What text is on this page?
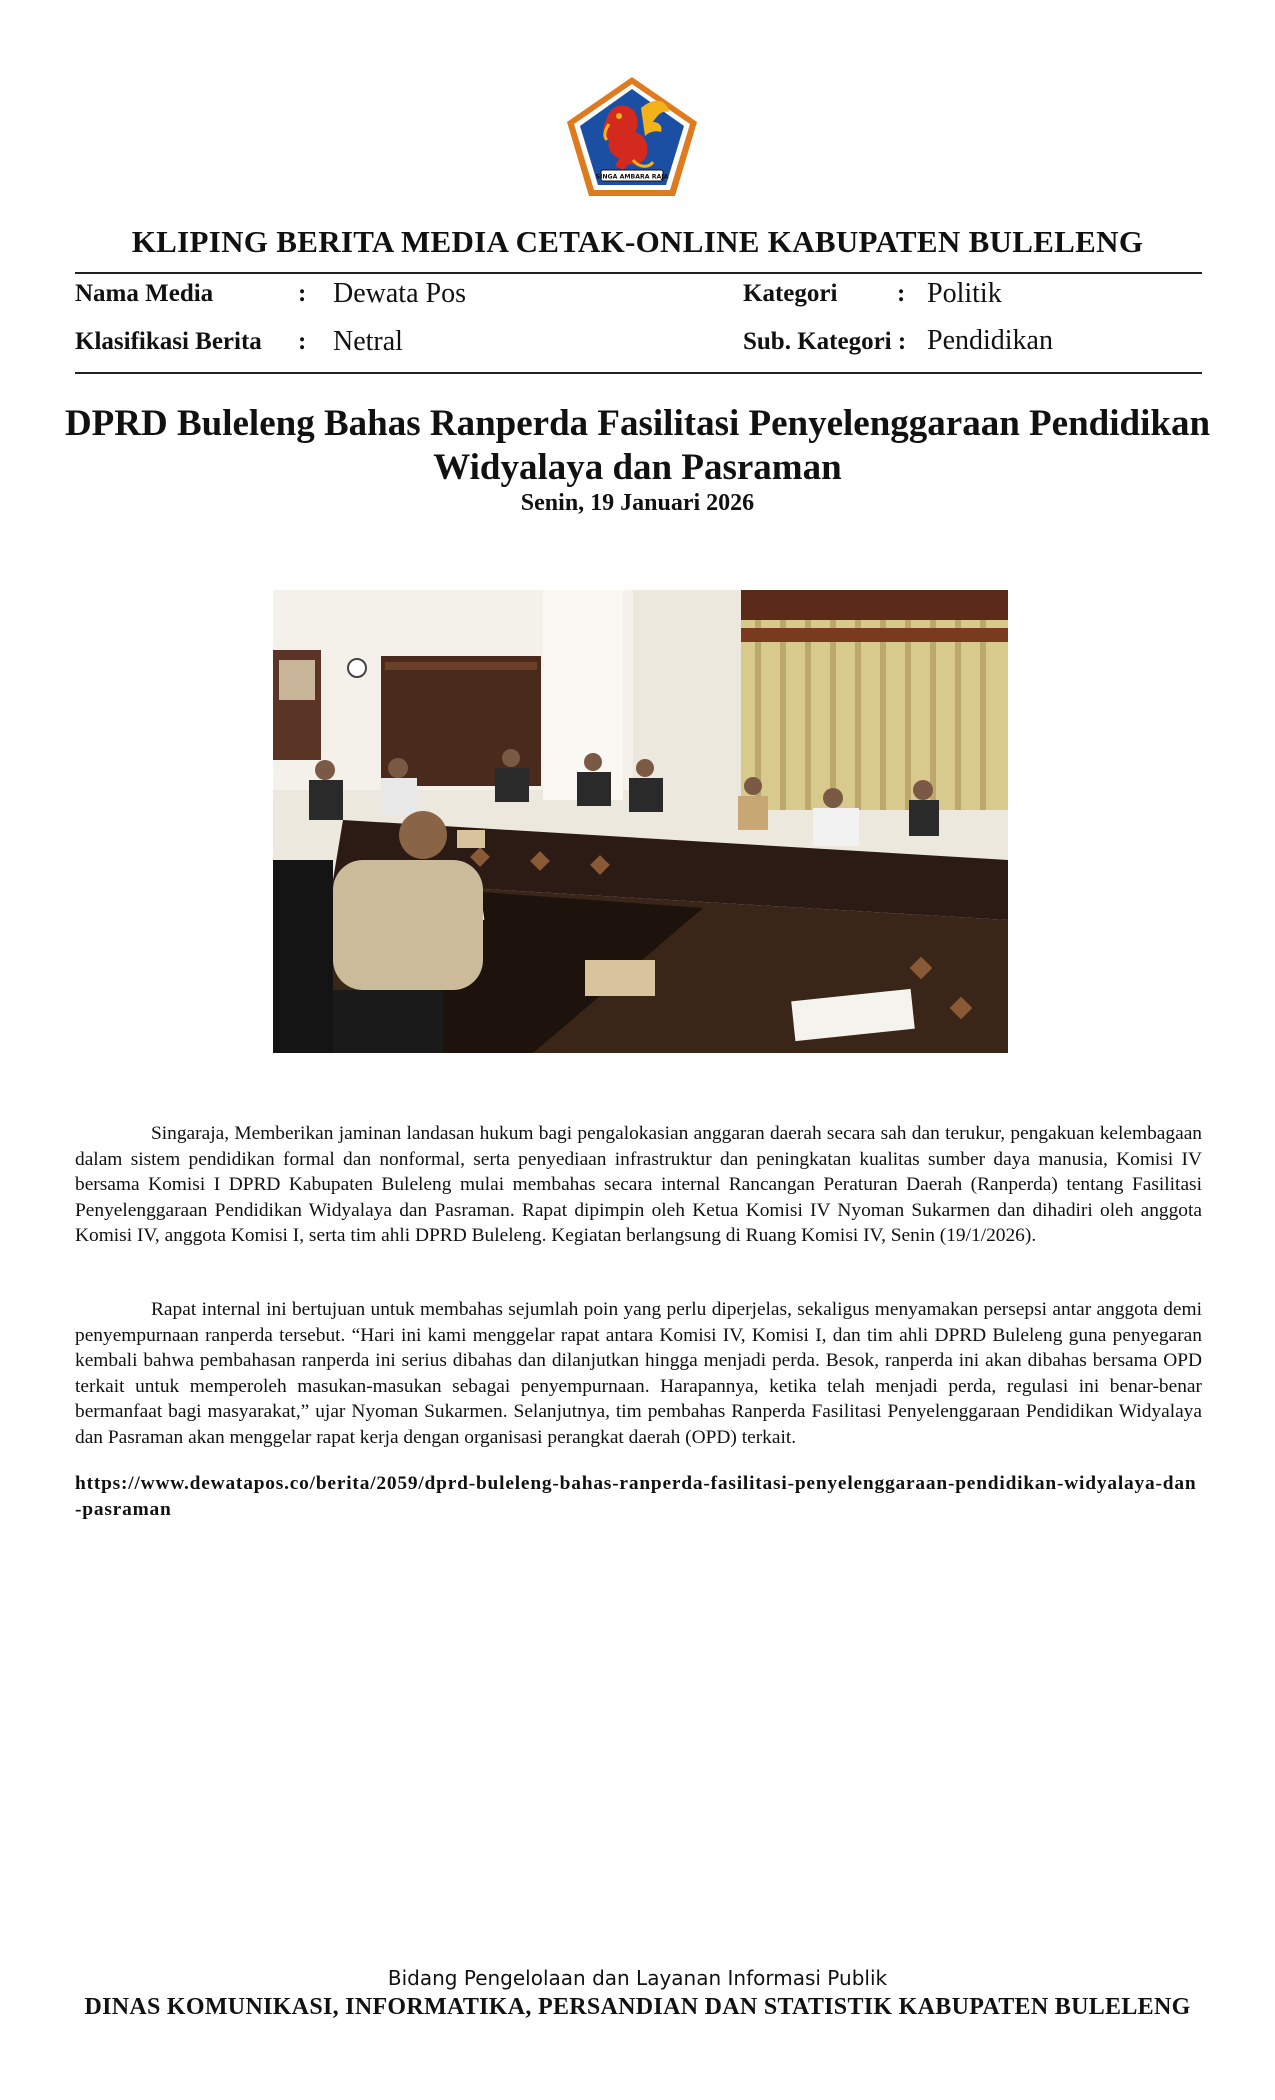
SINGA AMBARA RAJA
KLIPING BERITA MEDIA CETAK-ONLINE KABUPATEN BULELENG
Nama Media	: Dewata Pos
Klasifikasi Berita : Netral
Kategori : Politik
Sub. Kategori : Pendidikan
DPRD Buleleng Bahas Ranperda Fasilitasi Penyelenggaraan Pendidikan Widyalaya dan Pasraman
Senin, 19 Januari 2026

Singaraja, Memberikan jaminan landasan hukum bagi pengalokasian anggaran daerah secara sah dan terukur, pengakuan kelembagaan dalam sistem pendidikan formal dan nonformal, serta penyediaan infrastruktur dan peningkatan kualitas sumber daya manusia, Komisi IV bersama Komisi I DPRD Kabupaten Buleleng mulai membahas secara internal Rancangan Peraturan Daerah (Ranperda) tentang Fasilitasi Penyelenggaraan Pendidikan Widyalaya dan Pasraman. Rapat dipimpin oleh Ketua Komisi IV Nyoman Sukarmen dan dihadiri oleh anggota Komisi IV, anggota Komisi I, serta tim ahli DPRD Buleleng. Kegiatan berlangsung di Ruang Komisi IV, Senin (19/1/2026).

Rapat internal ini bertujuan untuk membahas sejumlah poin yang perlu diperjelas, sekaligus menyamakan persepsi antar anggota demi penyempurnaan ranperda tersebut. “Hari ini kami menggelar rapat antara Komisi IV, Komisi I, dan tim ahli DPRD Buleleng guna penyegaran kembali bahwa pembahasan ranperda ini serius dibahas dan dilanjutkan hingga menjadi perda. Besok, ranperda ini akan dibahas bersama OPD terkait untuk memperoleh masukan-masukan sebagai penyempurnaan. Harapannya, ketika telah menjadi perda, regulasi ini benar-benar bermanfaat bagi masyarakat,” ujar Nyoman Sukarmen. Selanjutnya, tim pembahas Ranperda Fasilitasi Penyelenggaraan Pendidikan Widyalaya dan Pasraman akan menggelar rapat kerja dengan organisasi perangkat daerah (OPD) terkait.

https://www.dewatapos.co/berita/2059/dprd-buleleng-bahas-ranperda-fasilitasi-penyelenggaraan-pendidikan-widyalaya-dan-pasraman
Bidang Pengelolaan dan Layanan Informasi Publik
DINAS KOMUNIKASI, INFORMATIKA, PERSANDIAN DAN STATISTIK KABUPATEN BULELENG
